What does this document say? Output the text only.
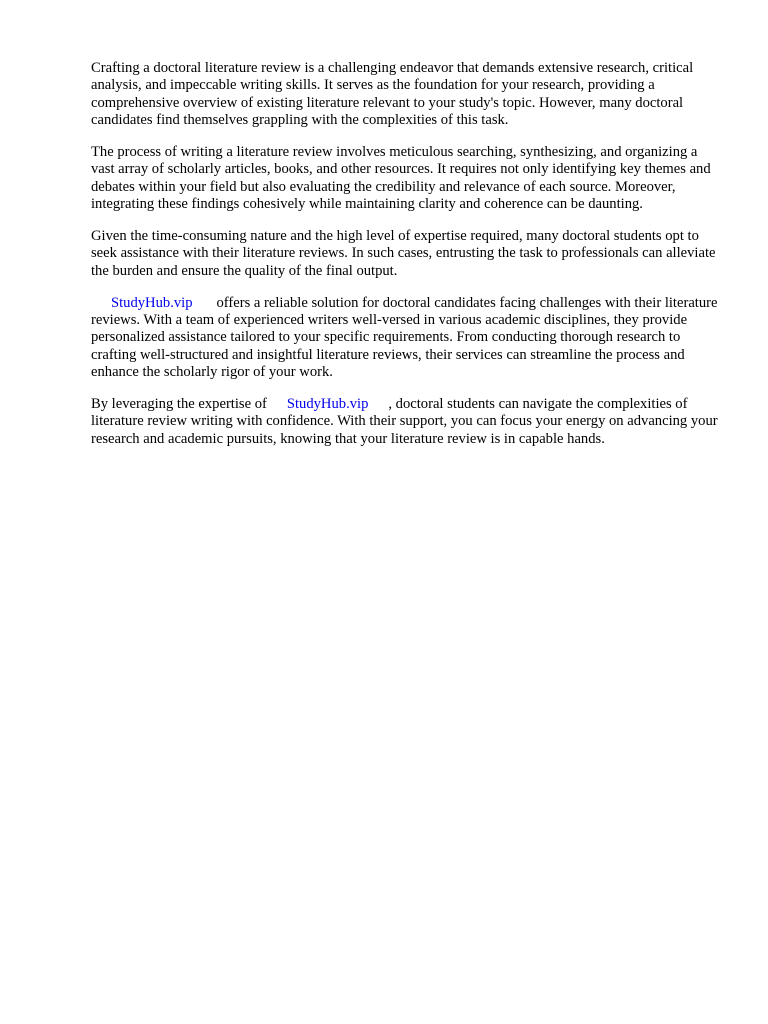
Crafting a doctoral literature review is a challenging endeavor that demands extensive research, critical analysis, and impeccable writing skills. It serves as the foundation for your research, providing a comprehensive overview of existing literature relevant to your study's topic. However, many doctoral candidates find themselves grappling with the complexities of this task.

The process of writing a literature review involves meticulous searching, synthesizing, and organizing a vast array of scholarly articles, books, and other resources. It requires not only identifying key themes and debates within your field but also evaluating the credibility and relevance of each source. Moreover, integrating these findings cohesively while maintaining clarity and coherence can be daunting.

Given the time-consuming nature and the high level of expertise required, many doctoral students opt to seek assistance with their literature reviews. In such cases, entrusting the task to professionals can alleviate the burden and ensure the quality of the final output.

StudyHub.vip offers a reliable solution for doctoral candidates facing challenges with their literature reviews. With a team of experienced writers well-versed in various academic disciplines, they provide personalized assistance tailored to your specific requirements. From conducting thorough research to crafting well-structured and insightful literature reviews, their services can streamline the process and enhance the scholarly rigor of your work.

By leveraging the expertise of StudyHub.vip , doctoral students can navigate the complexities of literature review writing with confidence. With their support, you can focus your energy on advancing your research and academic pursuits, knowing that your literature review is in capable hands.
